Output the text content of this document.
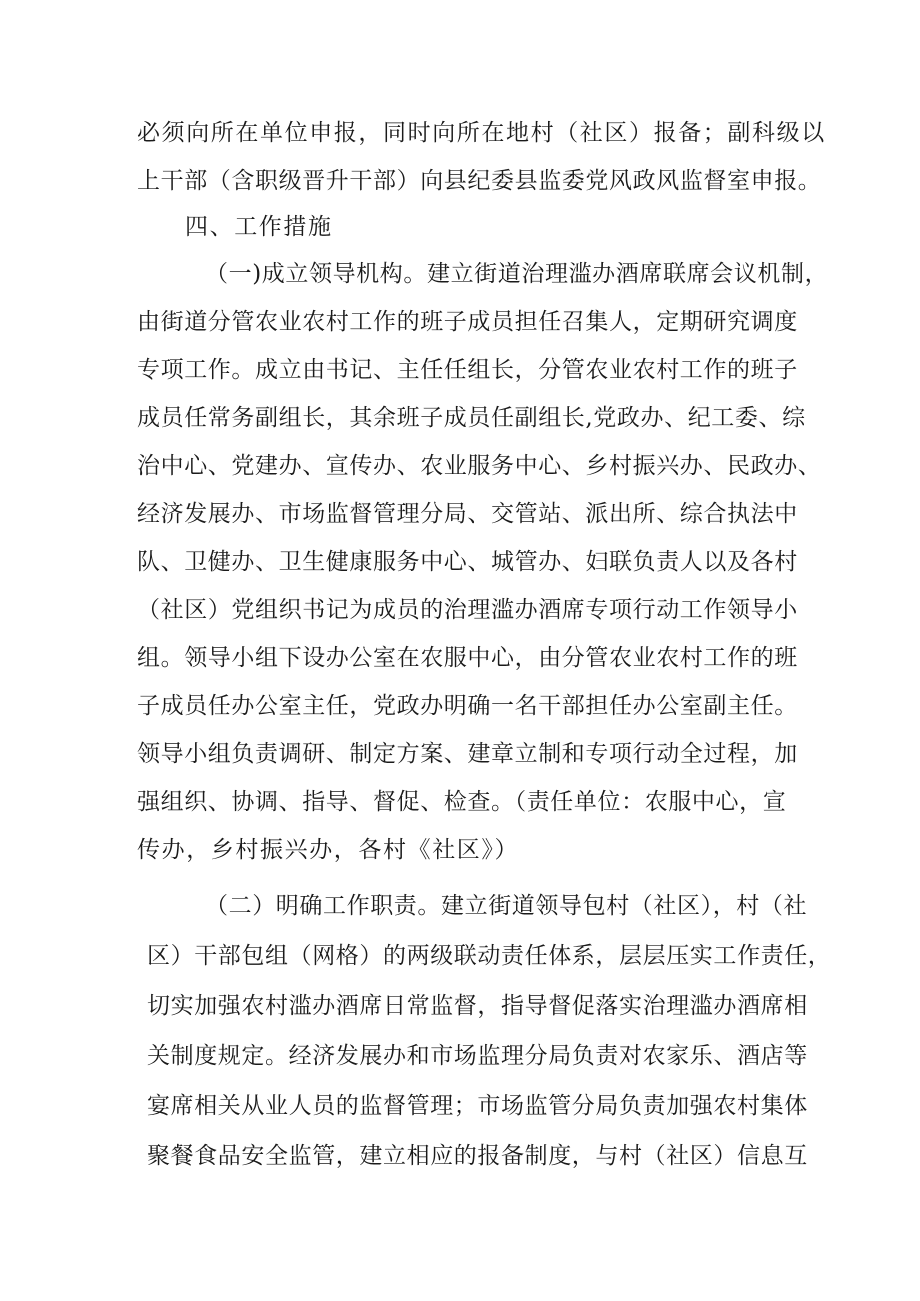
必须向所在单位申报，同时向所在地村（社区）报备；副科级以
上干部（含职级晋升干部）向县纪委县监委党风政风监督室申报。
四、工作措施
（一)成立领导机构。建立街道治理滥办酒席联席会议机制，
由街道分管农业农村工作的班子成员担任召集人，定期研究调度
专项工作。成立由书记、主任任组长，分管农业农村工作的班子
成员任常务副组长，其余班子成员任副组长,党政办、纪工委、综
治中心、党建办、宣传办、农业服务中心、乡村振兴办、民政办、
经济发展办、市场监督管理分局、交管站、派出所、综合执法中
队、卫健办、卫生健康服务中心、城管办、妇联负责人以及各村
（社区）党组织书记为成员的治理滥办酒席专项行动工作领导小
组。领导小组下设办公室在农服中心，由分管农业农村工作的班
子成员任办公室主任，党政办明确一名干部担任办公室副主任。
领导小组负责调研、制定方案、建章立制和专项行动全过程，加
强组织、协调、指导、督促、检查。（责任单位：农服中心，宣
传办，乡村振兴办，各村《社区》）
（二）明确工作职责。建立街道领导包村（社区），村（社
区）干部包组（网格）的两级联动责任体系，层层压实工作责任，
切实加强农村滥办酒席日常监督，指导督促落实治理滥办酒席相
关制度规定。经济发展办和市场监理分局负责对农家乐、酒店等
宴席相关从业人员的监督管理；市场监管分局负责加强农村集体
聚餐食品安全监管，建立相应的报备制度，与村（社区）信息互
